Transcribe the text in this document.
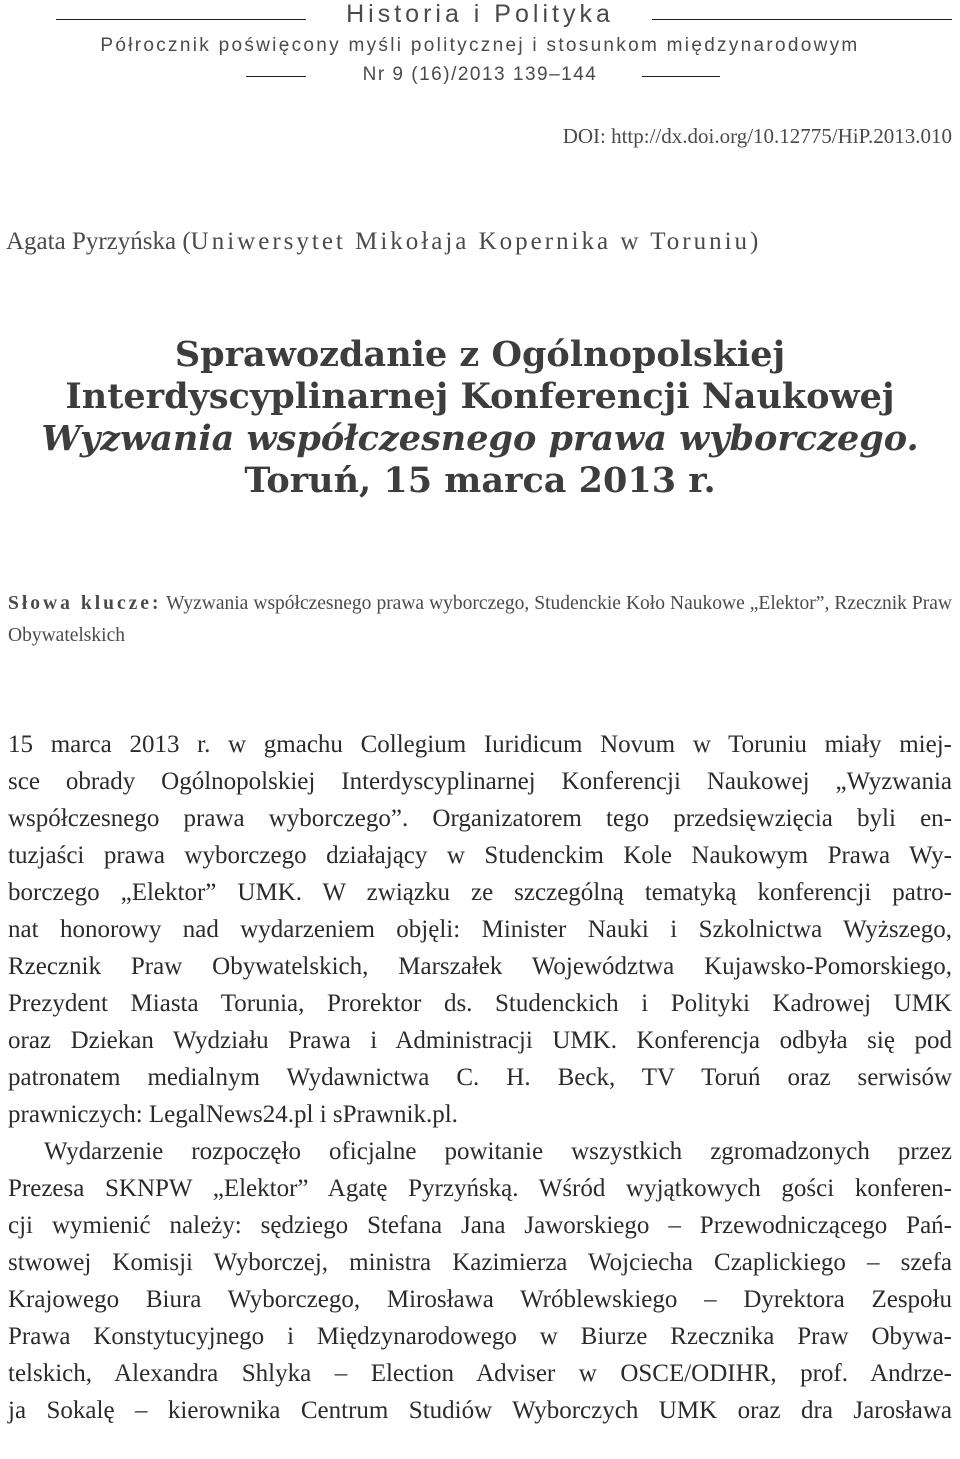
Historia i Polityka
Półrocznik poświęcony myśli politycznej i stosunkom międzynarodowym
Nr 9 (16)/2013 139–144
DOI: http://dx.doi.org/10.12775/HiP.2013.010
Agata Pyrzyńska (Uniwersytet Mikołaja Kopernika w Toruniu)
Sprawozdanie z Ogólnopolskiej
Interdyscyplinarnej Konferencji Naukowej
Wyzwania współczesnego prawa wyborczego.
Toruń, 15 marca 2013 r.
Słowa klucze: Wyzwania współczesnego prawa wyborczego, Studenckie Koło Naukowe „Elektor”, Rzecznik Praw Obywatelskich
15 marca 2013 r. w gmachu Collegium Iuridicum Novum w Toruniu miały miej-
sce obrady Ogólnopolskiej Interdyscyplinarnej Konferencji Naukowej „Wyzwania
współczesnego prawa wyborczego”. Organizatorem tego przedsięwzięcia byli en-
tuzjaści prawa wyborczego działający w Studenckim Kole Naukowym Prawa Wy-
borczego „Elektor” UMK. W związku ze szczególną tematyką konferencji patro-
nat honorowy nad wydarzeniem objęli: Minister Nauki i Szkolnictwa Wyższego,
Rzecznik Praw Obywatelskich, Marszałek Województwa Kujawsko-Pomorskiego,
Prezydent Miasta Torunia, Prorektor ds. Studenckich i Polityki Kadrowej UMK
oraz Dziekan Wydziału Prawa i Administracji UMK. Konferencja odbyła się pod
patronatem medialnym Wydawnictwa C. H. Beck, TV Toruń oraz serwisów
prawniczych: LegalNews24.pl i sPrawnik.pl.
Wydarzenie rozpoczęło oficjalne powitanie wszystkich zgromadzonych przez
Prezesa SKNPW „Elektor” Agatę Pyrzyńską. Wśród wyjątkowych gości konferen-
cji wymienić należy: sędziego Stefana Jana Jaworskiego – Przewodniczącego Pań-
stwowej Komisji Wyborczej, ministra Kazimierza Wojciecha Czaplickiego – szefa
Krajowego Biura Wyborczego, Mirosława Wróblewskiego – Dyrektora Zespołu
Prawa Konstytucyjnego i Międzynarodowego w Biurze Rzecznika Praw Obywa-
telskich, Alexandra Shlyka – Election Adviser w OSCE/ODIHR, prof. Andrze-
ja Sokalę – kierownika Centrum Studiów Wyborczych UMK oraz dra Jarosława
